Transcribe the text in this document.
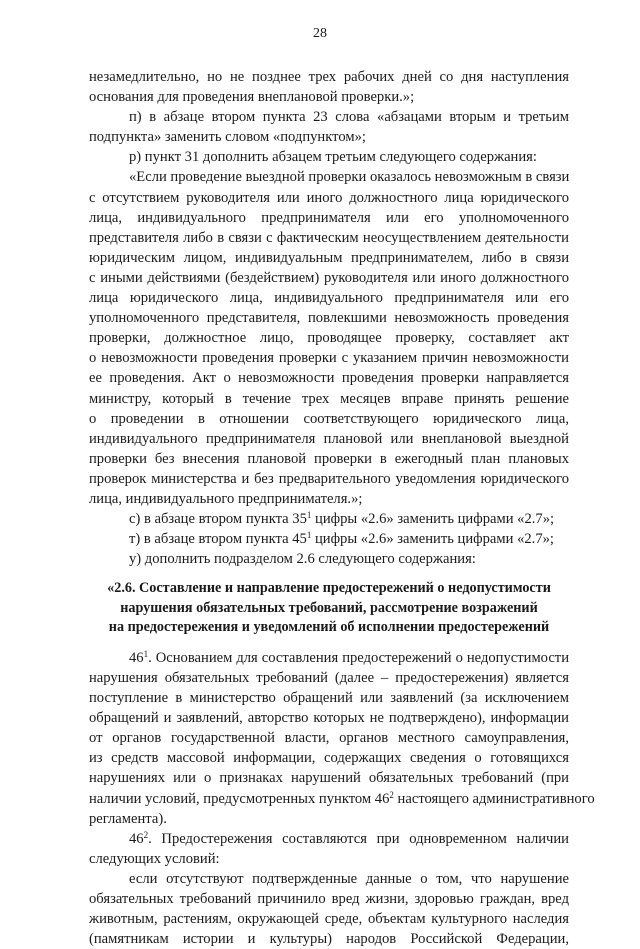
28
незамедлительно, но не позднее трех рабочих дней со дня наступления
основания для проведения внеплановой проверки.»;
п) в абзаце втором пункта 23 слова «абзацами вторым и третьим
подпункта» заменить словом «подпунктом»;
р) пункт 31 дополнить абзацем третьим следующего содержания:
«Если проведение выездной проверки оказалось невозможным в связи
с отсутствием руководителя или иного должностного лица юридического
лица, индивидуального предпринимателя или его уполномоченного
представителя либо в связи с фактическим неосуществлением деятельности
юридическим лицом, индивидуальным предпринимателем, либо в связи
с иными действиями (бездействием) руководителя или иного должностного
лица юридического лица, индивидуального предпринимателя или его
уполномоченного представителя, повлекшими невозможность проведения
проверки, должностное лицо, проводящее проверку, составляет акт
о невозможности проведения проверки с указанием причин невозможности
ее проведения. Акт о невозможности проведения проверки направляется
министру, который в течение трех месяцев вправе принять решение
о проведении в отношении соответствующего юридического лица,
индивидуального предпринимателя плановой или внеплановой выездной
проверки без внесения плановой проверки в ежегодный план плановых
проверок министерства и без предварительного уведомления юридического
лица, индивидуального предпринимателя.»;
с) в абзаце втором пункта $35^1$ цифры «2.6» заменить цифрами «2.7»;
т) в абзаце втором пункта $45^1$ цифры «2.6» заменить цифрами «2.7»;
у) дополнить подразделом 2.6 следующего содержания:
«2.6. Составление и направление предостережений о недопустимости
нарушения обязательных требований, рассмотрение возражений
на предостережения и уведомлений об исполнении предостережений
$46^1$. Основанием для составления предостережений о недопустимости
нарушения обязательных требований (далее – предостережения) является
поступление в министерство обращений или заявлений (за исключением
обращений и заявлений, авторство которых не подтверждено), информации
от органов государственной власти, органов местного самоуправления,
из средств массовой информации, содержащих сведения о готовящихся
нарушениях или о признаках нарушений обязательных требований (при
наличии условий, предусмотренных пунктом $46^2$ настоящего административного
регламента).
$46^2$. Предостережения составляются при одновременном наличии
следующих условий:
если отсутствуют подтвержденные данные о том, что нарушение
обязательных требований причинило вред жизни, здоровью граждан, вред
животным, растениям, окружающей среде, объектам культурного наследия
(памятникам истории и культуры) народов Российской Федерации,
